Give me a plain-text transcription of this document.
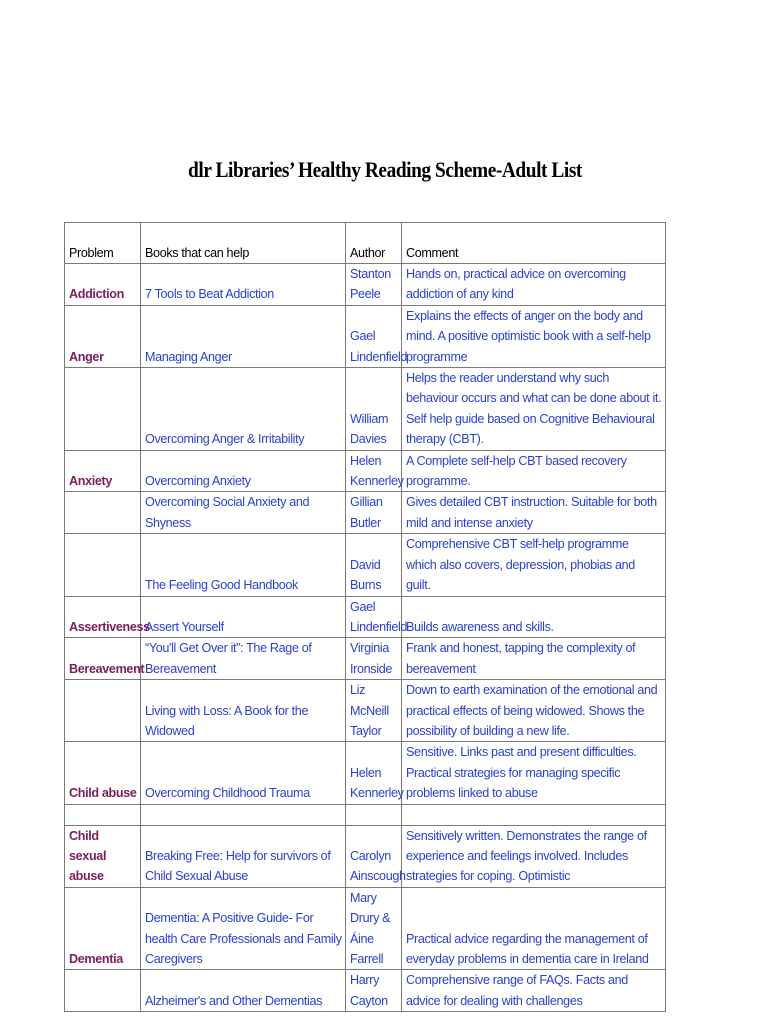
dlr Libraries’ Healthy Reading Scheme-Adult List
Problem	Books that can help	Author	Comment
Addiction	7 Tools to Beat Addiction	Stanton Peele	Hands on, practical advice on overcoming addiction of any kind
Anger	Managing Anger	Gael Lindenfield	Explains the effects of anger on the body and mind. A positive optimistic book with a self-help programme
	Overcoming Anger & Irritability	William Davies	Helps the reader understand why such behaviour occurs and what can be done about it. Self help guide based on Cognitive Behavioural therapy (CBT).
Anxiety	Overcoming Anxiety	Helen Kennerley	A Complete self-help CBT based recovery programme.
	Overcoming Social Anxiety and Shyness	Gillian Butler	Gives detailed CBT instruction. Suitable for both mild and intense anxiety
	The Feeling Good Handbook	David Burns	Comprehensive CBT self-help programme which also covers, depression, phobias and guilt.
Assertiveness	Assert Yourself	Gael Lindenfield	Builds awareness and skills.
Bereavement	“You'll Get Over it”: The Rage of Bereavement	Virginia Ironside	Frank and honest, tapping the complexity of bereavement
	Living with Loss: A Book for the Widowed	Liz McNeill Taylor	Down to earth examination of the emotional and practical effects of being widowed. Shows the possibility of building a new life.
Child abuse	Overcoming Childhood Trauma	Helen Kennerley	Sensitive. Links past and present difficulties. Practical strategies for managing specific problems linked to abuse

Child sexual abuse	Breaking Free: Help for survivors of Child Sexual Abuse	Carolyn Ainscough	Sensitively written. Demonstrates the range of experience and feelings involved. Includes strategies for coping. Optimistic
Dementia	Dementia: A Positive Guide- For health Care Professionals and Family Caregivers	Mary Drury & Áine Farrell	Practical advice regarding the management of everyday problems in dementia care in Ireland
	Alzheimer's and Other Dementias	Harry Cayton	Comprehensive range of FAQs. Facts and advice for dealing with challenges
